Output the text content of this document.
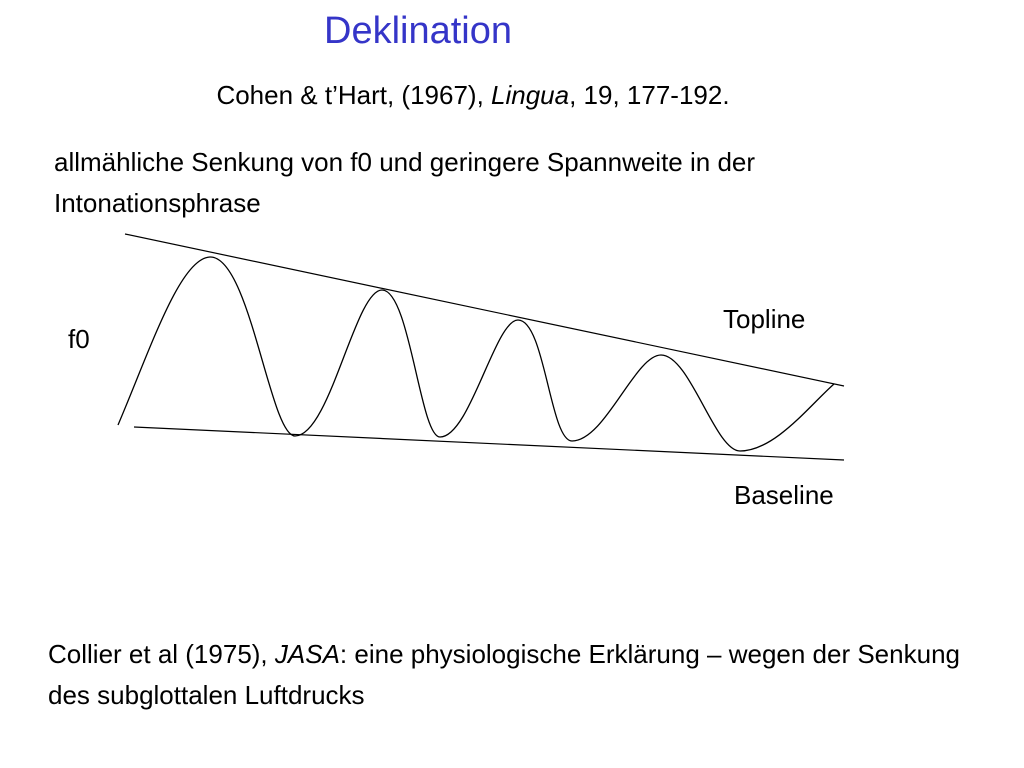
Deklination
Cohen & t’Hart, (1967), Lingua, 19, 177-192.
allmähliche Senkung von f0 und geringere Spannweite in der Intonationsphrase
f0
Topline
Baseline
Collier et al (1975), JASA: eine physiologische Erklärung – wegen der Senkung des subglottalen Luftdrucks
